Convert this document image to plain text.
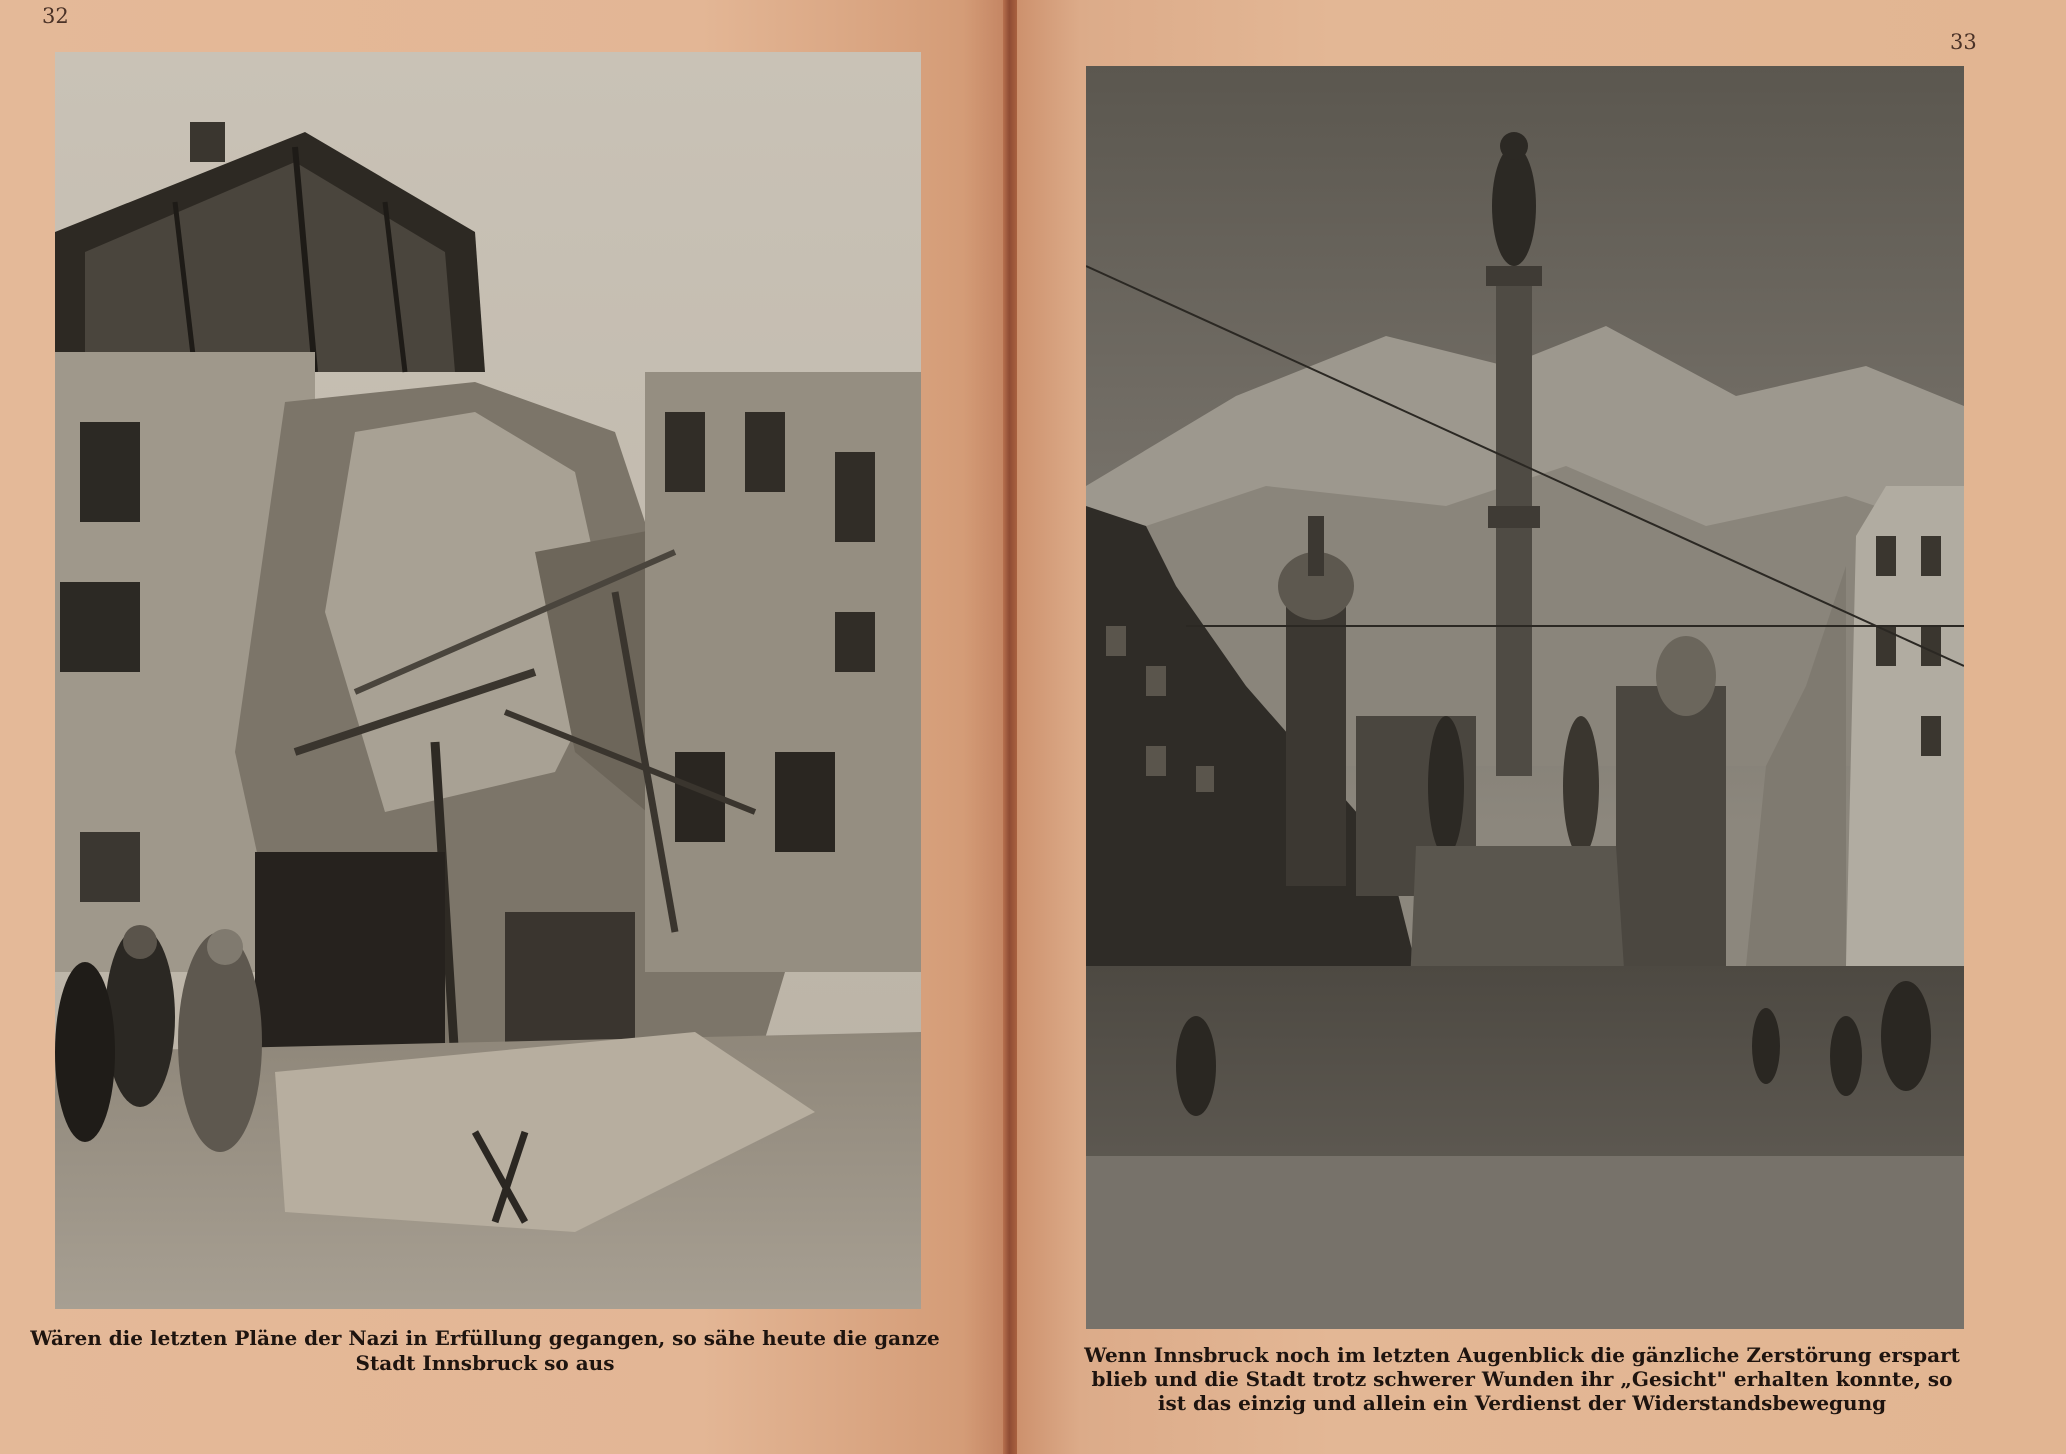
32
Wären die letzten Pläne der Nazi in Erfüllung gegangen, so sähe heute die ganze
Stadt Innsbruck so aus
33
Wenn Innsbruck noch im letzten Augenblick die gänzliche Zerstörung erspart
blieb und die Stadt trotz schwerer Wunden ihr „Gesicht" erhalten konnte, so
ist das einzig und allein ein Verdienst der Widerstandsbewegung
